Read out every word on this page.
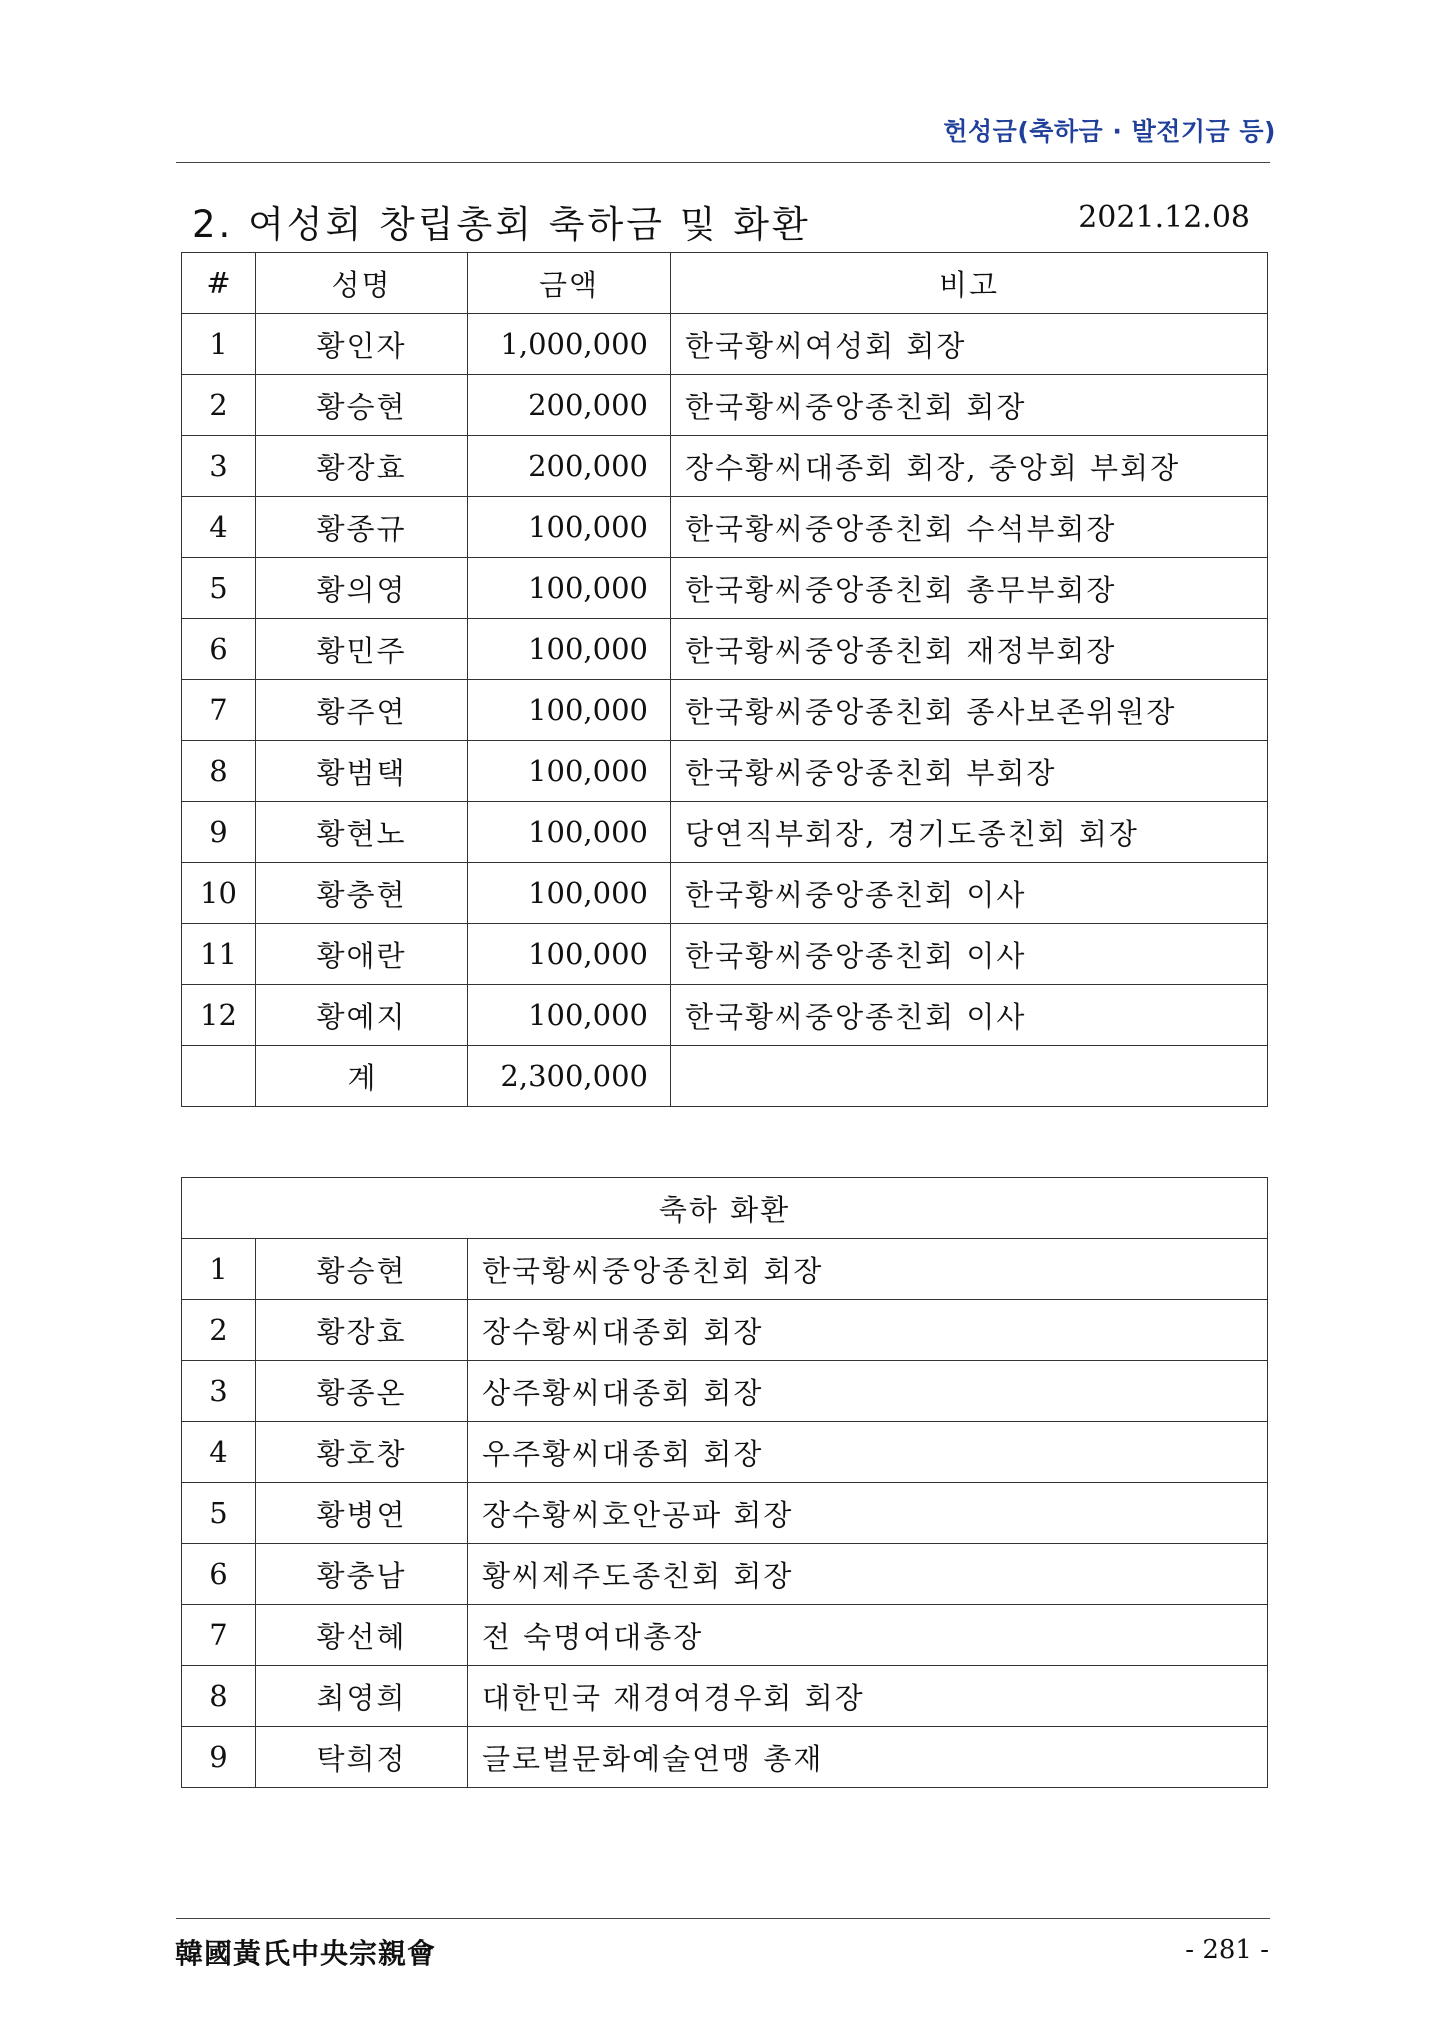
헌성금(축하금 · 발전기금 등)
2. 여성회 창립총회 축하금 및 화환	2021.12.08
#	성명	금액	비고
1	황인자	1,000,000	한국황씨여성회 회장
2	황승현	200,000	한국황씨중앙종친회 회장
3	황장효	200,000	장수황씨대종회 회장, 중앙회 부회장
4	황종규	100,000	한국황씨중앙종친회 수석부회장
5	황의영	100,000	한국황씨중앙종친회 총무부회장
6	황민주	100,000	한국황씨중앙종친회 재정부회장
7	황주연	100,000	한국황씨중앙종친회 종사보존위원장
8	황범택	100,000	한국황씨중앙종친회 부회장
9	황현노	100,000	당연직부회장, 경기도종친회 회장
10	황충현	100,000	한국황씨중앙종친회 이사
11	황애란	100,000	한국황씨중앙종친회 이사
12	황예지	100,000	한국황씨중앙종친회 이사
	계	2,300,000	
축하 화환		
1	황승현	한국황씨중앙종친회 회장
2	황장효	장수황씨대종회 회장
3	황종온	상주황씨대종회 회장
4	황호창	우주황씨대종회 회장
5	황병연	장수황씨호안공파 회장
6	황충남	황씨제주도종친회 회장
7	황선혜	전 숙명여대총장
8	최영희	대한민국 재경여경우회 회장
9	탁희정	글로벌문화예술연맹 총재
韓國黃氏中央宗親會	- 281 -
